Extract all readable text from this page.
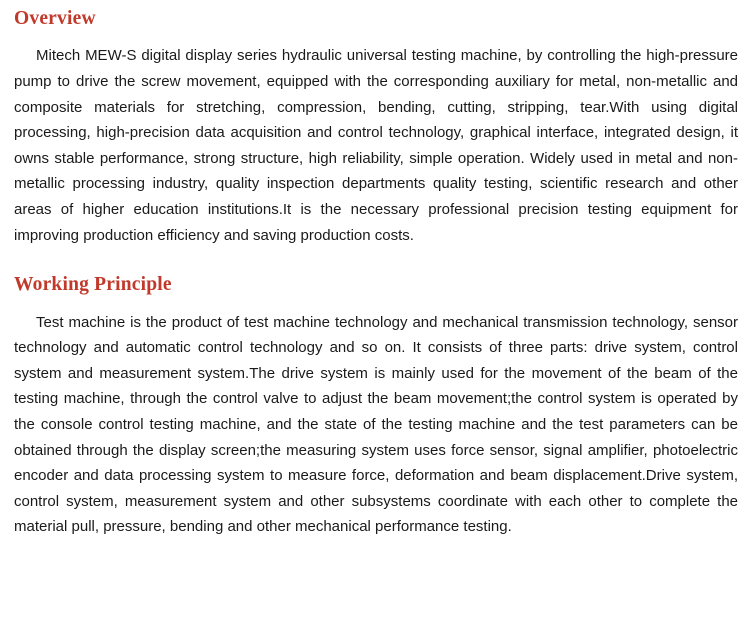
Overview

Mitech MEW-S digital display series hydraulic universal testing machine, by controlling the high-pressure pump to drive the screw movement, equipped with the corresponding auxiliary for metal, non-metallic and composite materials for stretching, compression, bending, cutting, stripping, tear.With using digital processing, high-precision data acquisition and control technology, graphical interface, integrated design, it owns stable performance, strong structure, high reliability, simple operation. Widely used in metal and non-metallic processing industry, quality inspection departments quality testing, scientific research and other areas of higher education institutions.It is the necessary professional precision testing equipment for improving production efficiency and saving production costs.

Working Principle

Test machine is the product of test machine technology and mechanical transmission technology, sensor technology and automatic control technology and so on. It consists of three parts: drive system, control system and measurement system.The drive system is mainly used for the movement of the beam of the testing machine, through the control valve to adjust the beam movement;the control system is operated by the console control testing machine, and the state of the testing machine and the test parameters can be obtained through the display screen;the measuring system uses force sensor, signal amplifier, photoelectric encoder and data processing system to measure force, deformation and beam displacement.Drive system, control system, measurement system and other subsystems coordinate with each other to complete the material pull, pressure, bending and other mechanical performance testing.
